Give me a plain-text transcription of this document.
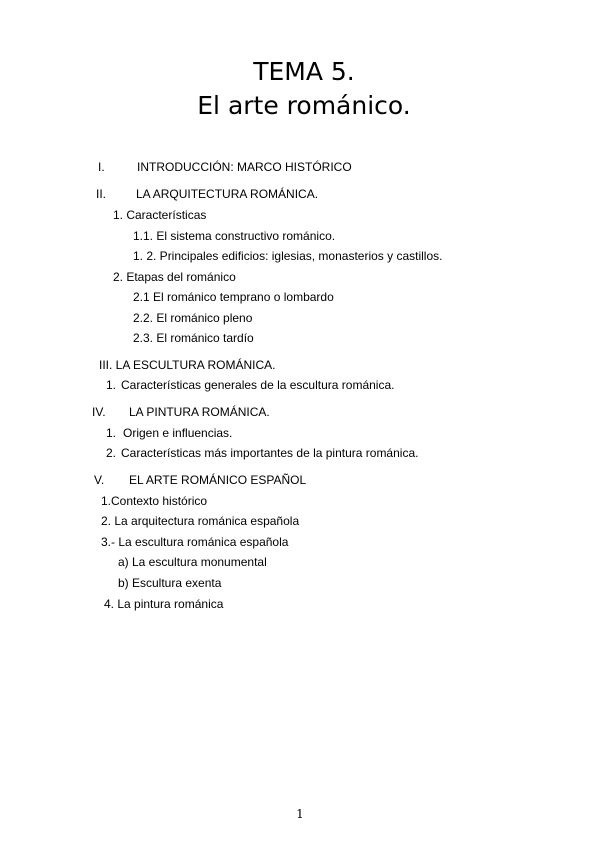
TEMA 5.
El arte románico.
I.	INTRODUCCIÓN: MARCO HISTÓRICO
II. LA ARQUITECTURA ROMÁNICA.
1. Características
1.1. El sistema constructivo románico.
1. 2. Principales edificios: iglesias, monasterios y castillos.
2. Etapas del románico
2.1 El románico temprano o lombardo
2.2. El románico pleno
2.3. El románico tardío
III. LA ESCULTURA ROMÁNICA.
1. Características generales de la escultura románica.
IV. LA PINTURA ROMÁNICA.
1. Origen e influencias.
2. Características más importantes de la pintura románica.
V. EL ARTE ROMÁNICO ESPAÑOL
1.Contexto histórico
2. La arquitectura románica española
3.- La escultura románica española
a) La escultura monumental
b) Escultura exenta
4. La pintura románica
1
